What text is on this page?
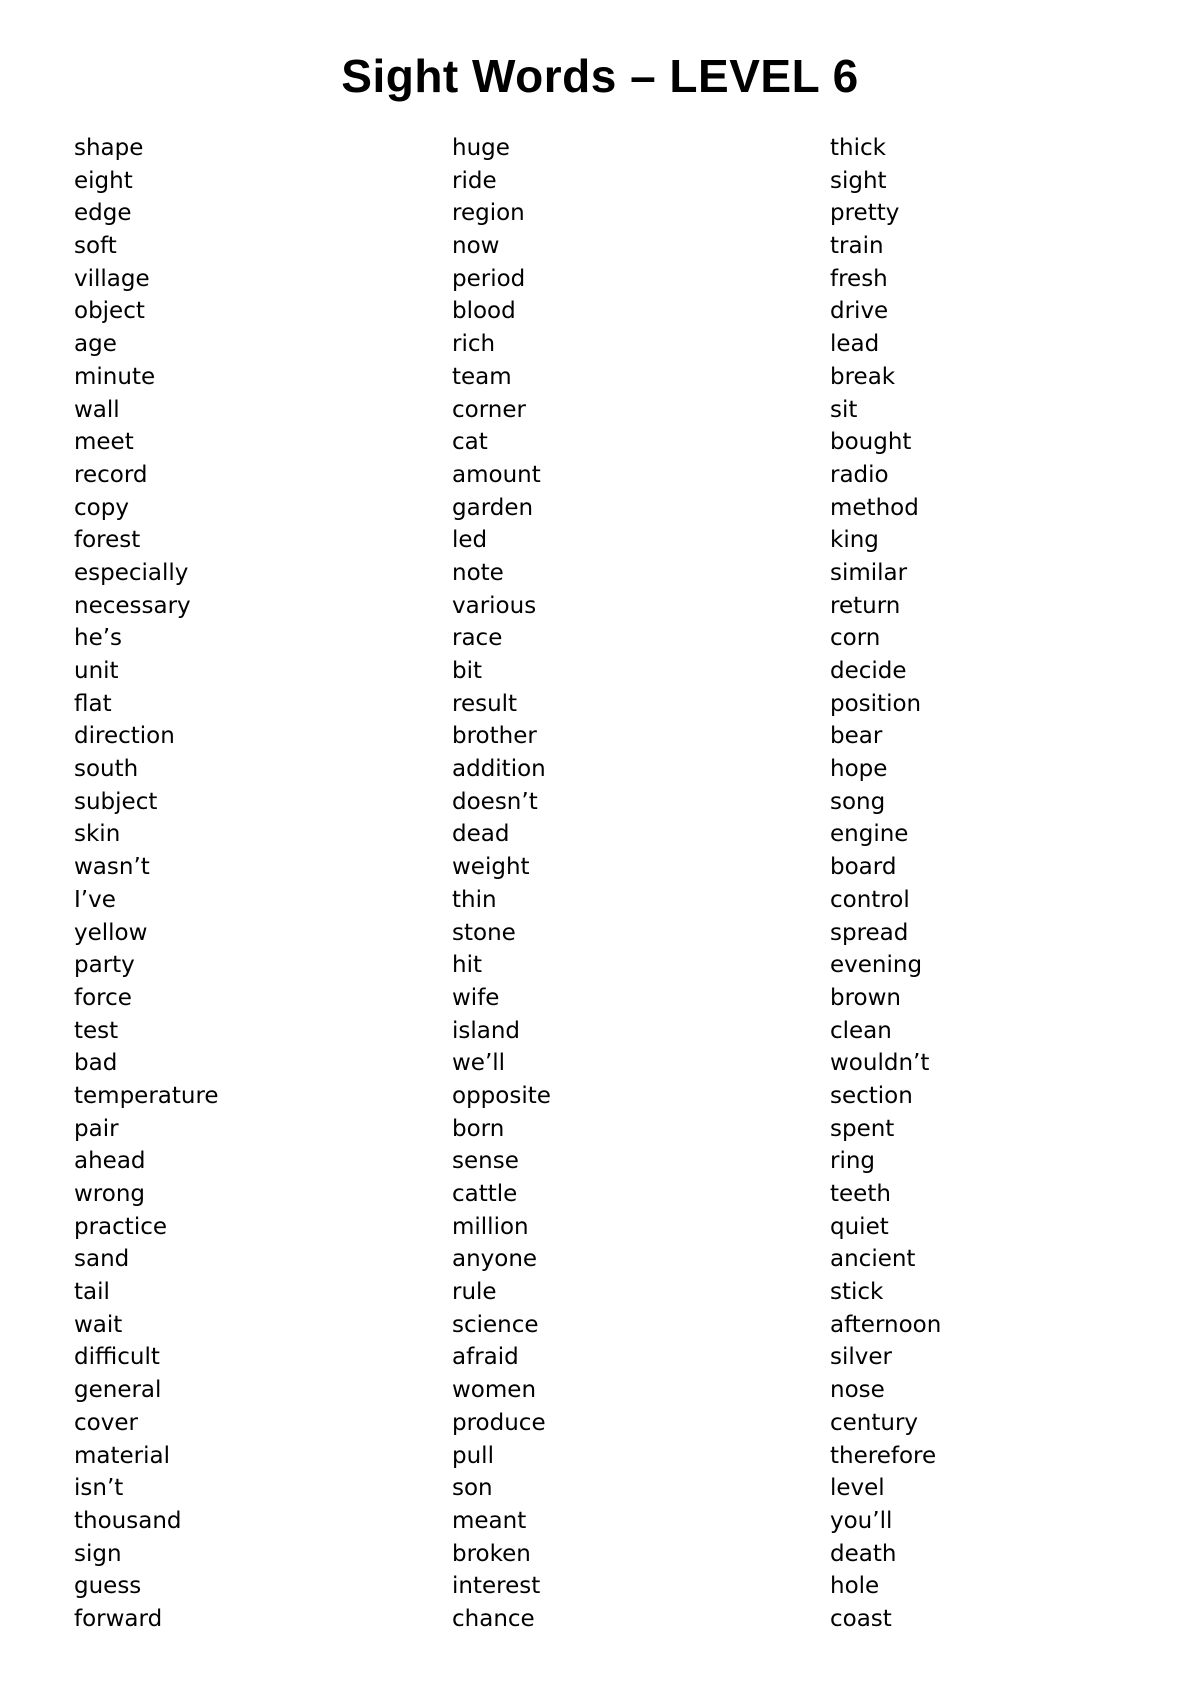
Sight Words – LEVEL 6
shape
eight
edge
soft
village
object
age
minute
wall
meet
record
copy
forest
especially
necessary
he’s
unit
flat
direction
south
subject
skin
wasn’t
I’ve
yellow
party
force
test
bad
temperature
pair
ahead
wrong
practice
sand
tail
wait
difficult
general
cover
material
isn’t
thousand
sign
guess
forward
huge
ride
region
now
period
blood
rich
team
corner
cat
amount
garden
led
note
various
race
bit
result
brother
addition
doesn’t
dead
weight
thin
stone
hit
wife
island
we’ll
opposite
born
sense
cattle
million
anyone
rule
science
afraid
women
produce
pull
son
meant
broken
interest
chance
thick
sight
pretty
train
fresh
drive
lead
break
sit
bought
radio
method
king
similar
return
corn
decide
position
bear
hope
song
engine
board
control
spread
evening
brown
clean
wouldn’t
section
spent
ring
teeth
quiet
ancient
stick
afternoon
silver
nose
century
therefore
level
you’ll
death
hole
coast
